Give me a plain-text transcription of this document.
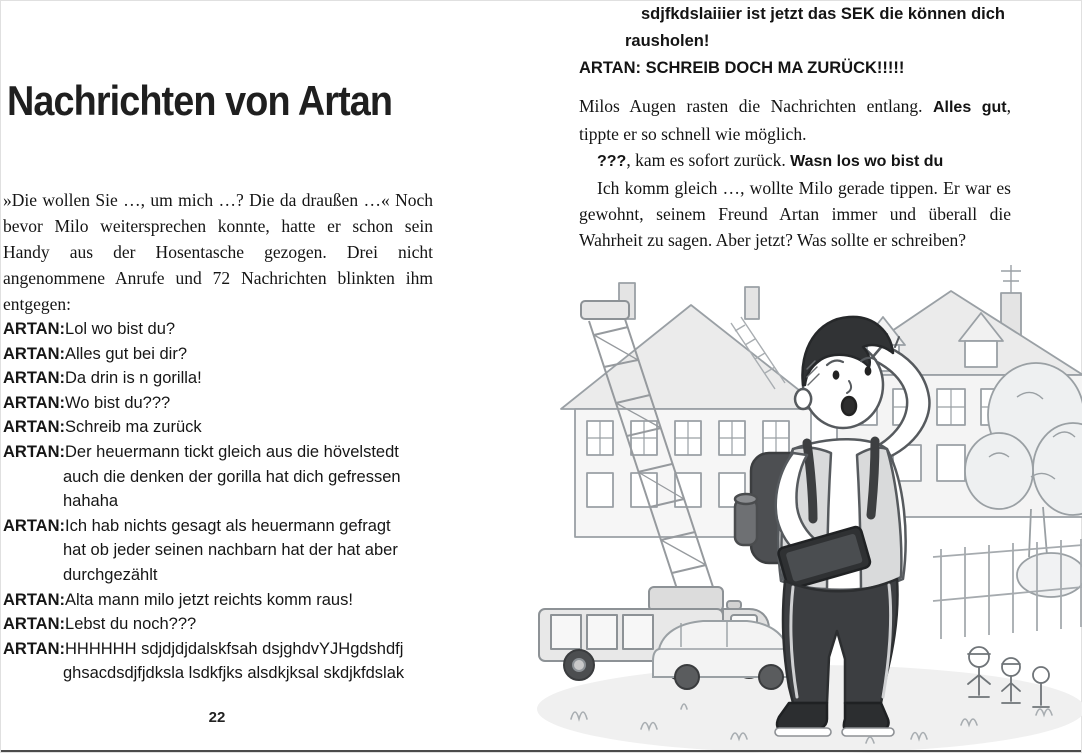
Nachrichten von Artan

»Die wollen Sie …, um mich …? Die da draußen …« Noch bevor Milo weitersprechen konnte, hatte er schon sein Handy aus der Hosentasche gezogen. Drei nicht angenommene Anrufe und 72 Nachrichten blinkten ihm entgegen:

ARTAN:Lol wo bist du?
ARTAN:Alles gut bei dir?
ARTAN:Da drin is n gorilla!
ARTAN:Wo bist du???
ARTAN:Schreib ma zurück
ARTAN:Der heuermann tickt gleich aus die hövelstedt
auch die denken der gorilla hat dich gefressen
hahaha
ARTAN:Ich hab nichts gesagt als heuermann gefragt
hat ob jeder seinen nachbarn hat der hat aber
durchgezählt
ARTAN:Alta mann milo jetzt reichts komm raus!
ARTAN:Lebst du noch???
ARTAN:HHHHHH sdjdjdjdalskfsah dsjghdvYJHgdshdfj
ghsacdsdjfjdksla lsdkfjks alsdkjksal skdjkfdslak
22
sdjfkdslaiiier ist jetzt das SEK die können dich
rausholen!
ARTAN: SCHREIB DOCH MA ZURÜCK!!!!!

Milos Augen rasten die Nachrichten entlang. Alles gut, tippte er so schnell wie möglich.

???, kam es sofort zurück. Wasn los wo bist du

Ich komm gleich …, wollte Milo gerade tippen. Er war es gewohnt, seinem Freund Artan immer und überall die Wahrheit zu sagen. Aber jetzt? Was sollte er schreiben?
